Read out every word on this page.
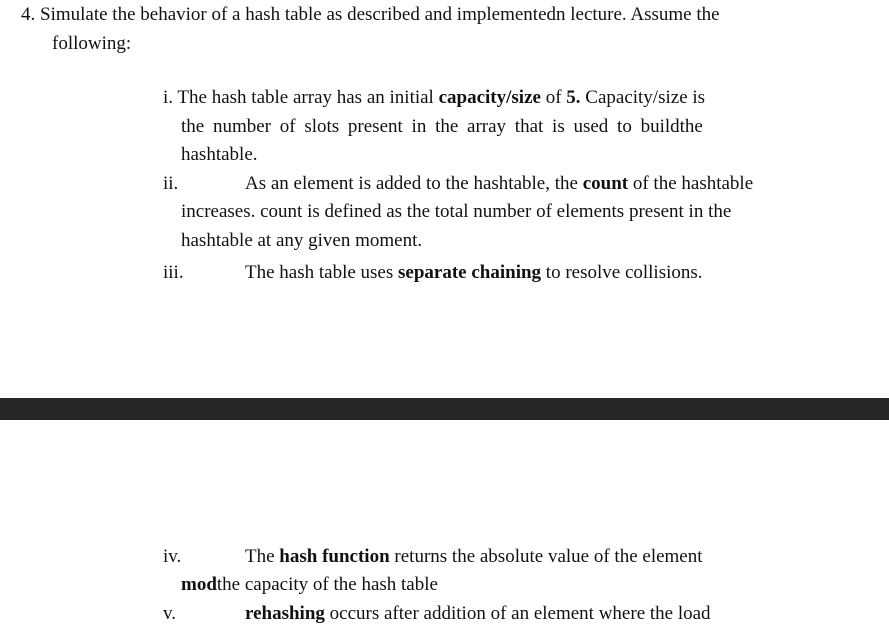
4. Simulate the behavior of a hash table as described and implementedn lecture. Assume the
following:
i. The hash table array has an initial capacity/size of 5. Capacity/size is
the number of slots present in the array that is used to buildthe
hashtable.
ii.	As an element is added to the hashtable, the count of the hashtable
increases. count is defined as the total number of elements present in the
hashtable at any given moment.
iii.	The hash table uses separate chaining to resolve collisions.
iv.	The hash function returns the absolute value of the element
modthe capacity of the hash table
v.	rehashing occurs after addition of an element where the load
